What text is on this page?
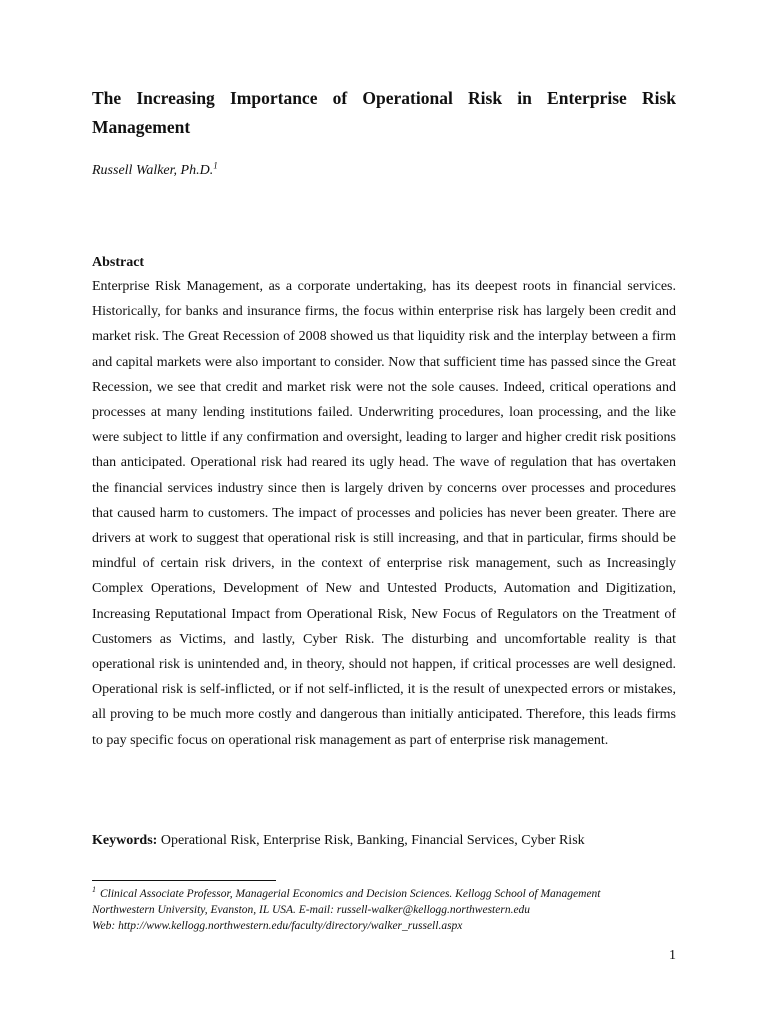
The Increasing Importance of Operational Risk in Enterprise Risk Management

Russell Walker, Ph.D.$^1$

Abstract

Enterprise Risk Management, as a corporate undertaking, has its deepest roots in financial services. Historically, for banks and insurance firms, the focus within enterprise risk has largely been credit and market risk. The Great Recession of 2008 showed us that liquidity risk and the interplay between a firm and capital markets were also important to consider. Now that sufficient time has passed since the Great Recession, we see that credit and market risk were not the sole causes. Indeed, critical operations and processes at many lending institutions failed. Underwriting procedures, loan processing, and the like were subject to little if any confirmation and oversight, leading to larger and higher credit risk positions than anticipated. Operational risk had reared its ugly head. The wave of regulation that has overtaken the financial services industry since then is largely driven by concerns over processes and procedures that caused harm to customers. The impact of processes and policies has never been greater. There are drivers at work to suggest that operational risk is still increasing, and that in particular, firms should be mindful of certain risk drivers, in the context of enterprise risk management, such as Increasingly Complex Operations, Development of New and Untested Products, Automation and Digitization, Increasing Reputational Impact from Operational Risk, New Focus of Regulators on the Treatment of Customers as Victims, and lastly, Cyber Risk. The disturbing and uncomfortable reality is that operational risk is unintended and, in theory, should not happen, if critical processes are well designed. Operational risk is self-inflicted, or if not self-inflicted, it is the result of unexpected errors or mistakes, all proving to be much more costly and dangerous than initially anticipated. Therefore, this leads firms to pay specific focus on operational risk management as part of enterprise risk management.

Keywords: Operational Risk, Enterprise Risk, Banking, Financial Services, Cyber Risk

$^1$ Clinical Associate Professor, Managerial Economics and Decision Sciences. Kellogg School of Management
Northwestern University, Evanston, IL USA. E-mail: russell-walker@kellogg.northwestern.edu
Web: http://www.kellogg.northwestern.edu/faculty/directory/walker_russell.aspx

1
